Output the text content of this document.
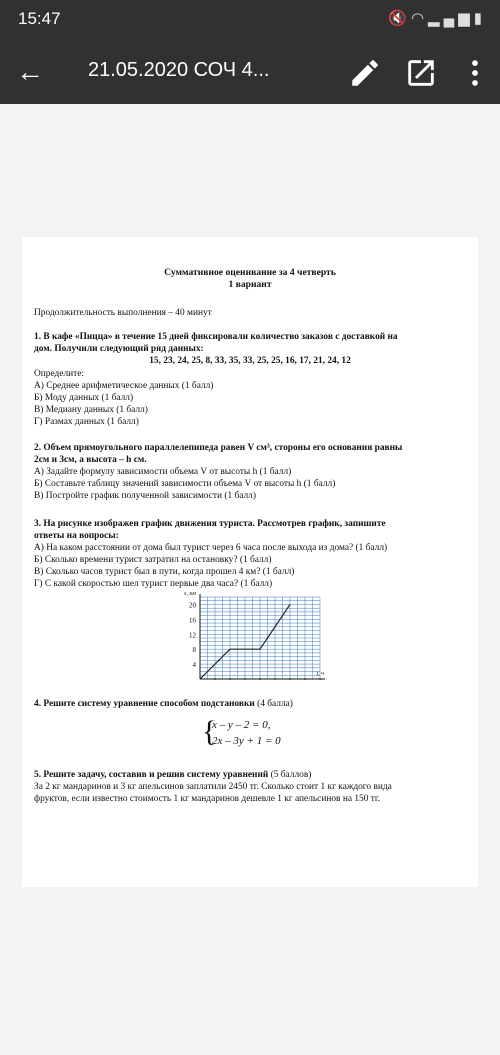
15:47	🔇◠▂▄▆▮
← 21.05.2020 СОЧ 4...
Суммативное оценивание за 4 четверть
1 вариант
Продолжительность выполнения – 40 минут
1. В кафе «Пицца» в течение 15 дней фиксировали количество заказов с доставкой на
дом. Получили следующий ряд данных:
15, 23, 24, 25, 8, 33, 35, 33, 25, 25, 16, 17, 21, 24, 12
Определите:
А) Среднее арифметическое данных (1 балл)
Б) Моду данных (1 балл)
В) Медиану данных (1 балл)
Г) Размах данных (1 балл)
2. Объем прямоугольного параллелепипеда равен V см³, стороны его основания равны
2см и 3см, а высота – h см.
А) Задайте формулу зависимости объема V от высоты h (1 балл)
Б) Составьте таблицу значений зависимости объема V от высоты h (1 балл)
В) Постройте график полученной зависимости (1 балл)
3. На рисунке изображен график движения туриста. Рассмотрев график, запишите
ответы на вопросы:
А) На каком расстоянии от дома был турист через 6 часа после выхода из дома? (1 балл)
Б) Сколько времени турист затратил на остановку? (1 балл)
В) Сколько часов турист был в пути, когда прошел 4 км? (1 балл)
Г) С какой скоростью шел турист первые два часа? (1 балл)
4
8
12
16
20
s, км
t, ч
4. Решите систему уравнение способом подстановки (4 балла)
{
x – y – 2 = 0,
2x – 3y + 1 = 0
5. Решите задачу, составив и решив систему уравнений (5 баллов)
За 2 кг мандаринов и 3 кг апельсинов заплатили 2450 тг. Сколько стоит 1 кг каждого вида
фруктов, если известно стоимость 1 кг мандаринов дешевле 1 кг апельсинов на 150 тг.
